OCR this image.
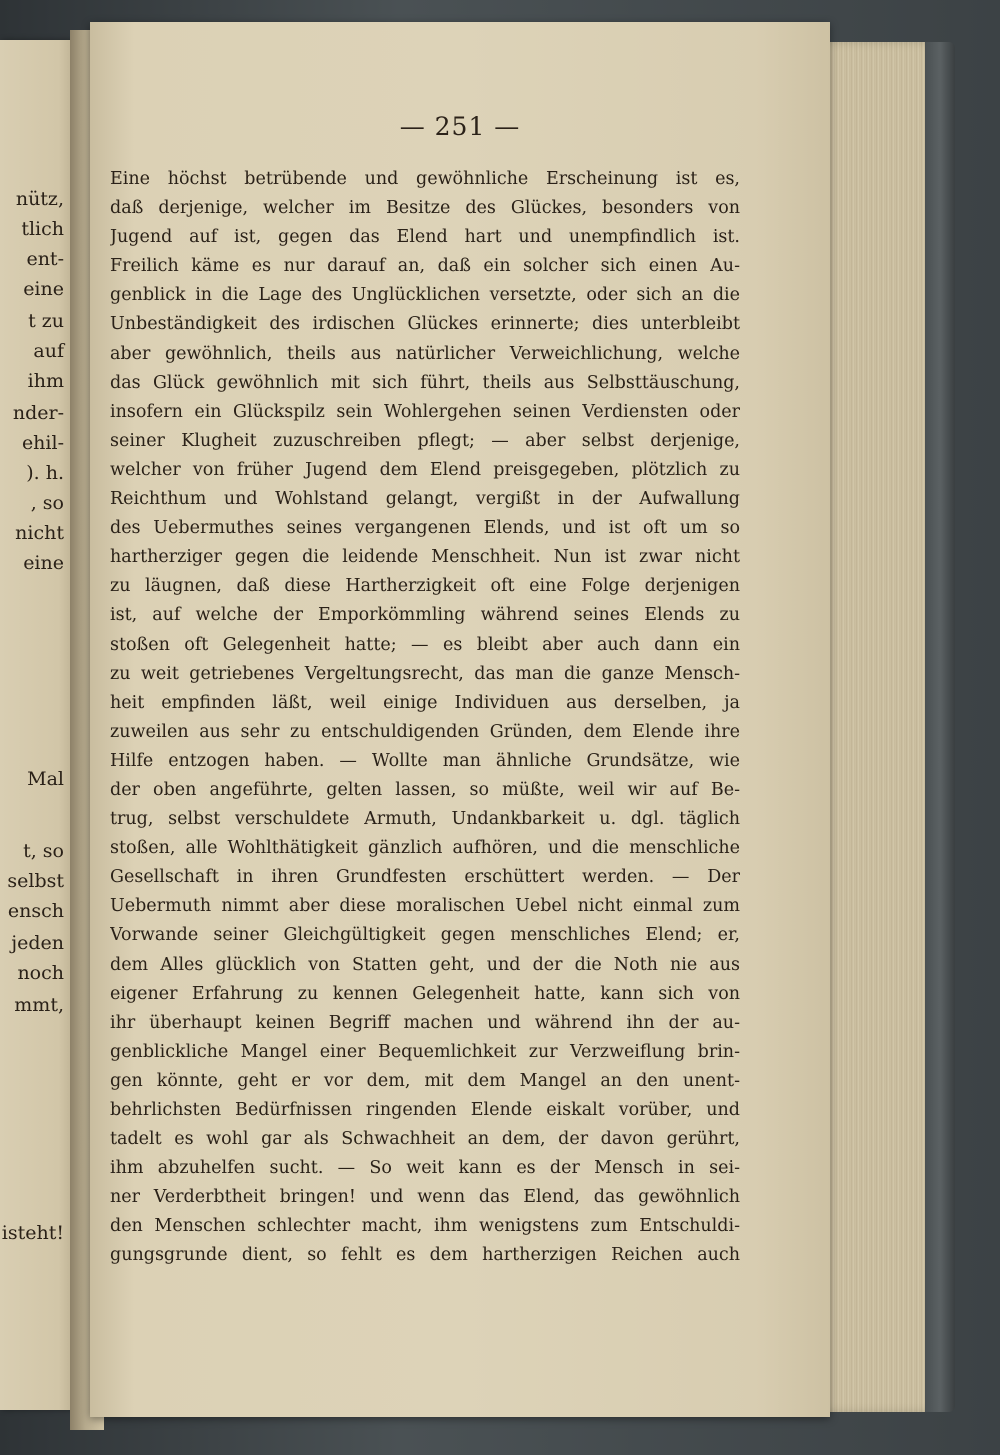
nütz,
tlich
ent-
eine
t zu
auf
ihm
nder-
ehil-
). h.
, so
nicht
eine
Mal
t, so
selbst
ensch
jeden
noch
mmt,
isteht!
— 251 —
Eine höchst betrübende und gewöhnliche Erscheinung ist es,
daß derjenige, welcher im Besitze des Glückes, besonders von
Jugend auf ist, gegen das Elend hart und unempfindlich ist.
Freilich käme es nur darauf an, daß ein solcher sich einen Au-
genblick in die Lage des Unglücklichen versetzte, oder sich an die
Unbeständigkeit des irdischen Glückes erinnerte; dies unterbleibt
aber gewöhnlich, theils aus natürlicher Verweichlichung, welche
das Glück gewöhnlich mit sich führt, theils aus Selbsttäuschung,
insofern ein Glückspilz sein Wohlergehen seinen Verdiensten oder
seiner Klugheit zuzuschreiben pflegt; — aber selbst derjenige,
welcher von früher Jugend dem Elend preisgegeben, plötzlich zu
Reichthum und Wohlstand gelangt, vergißt in der Aufwallung
des Uebermuthes seines vergangenen Elends, und ist oft um so
hartherziger gegen die leidende Menschheit. Nun ist zwar nicht
zu läugnen, daß diese Hartherzigkeit oft eine Folge derjenigen
ist, auf welche der Emporkömmling während seines Elends zu
stoßen oft Gelegenheit hatte; — es bleibt aber auch dann ein
zu weit getriebenes Vergeltungsrecht, das man die ganze Mensch-
heit empfinden läßt, weil einige Individuen aus derselben, ja
zuweilen aus sehr zu entschuldigenden Gründen, dem Elende ihre
Hilfe entzogen haben. — Wollte man ähnliche Grundsätze, wie
der oben angeführte, gelten lassen, so müßte, weil wir auf Be-
trug, selbst verschuldete Armuth, Undankbarkeit u. dgl. täglich
stoßen, alle Wohlthätigkeit gänzlich aufhören, und die menschliche
Gesellschaft in ihren Grundfesten erschüttert werden. — Der
Uebermuth nimmt aber diese moralischen Uebel nicht einmal zum
Vorwande seiner Gleichgültigkeit gegen menschliches Elend; er,
dem Alles glücklich von Statten geht, und der die Noth nie aus
eigener Erfahrung zu kennen Gelegenheit hatte, kann sich von
ihr überhaupt keinen Begriff machen und während ihn der au-
genblickliche Mangel einer Bequemlichkeit zur Verzweiflung brin-
gen könnte, geht er vor dem, mit dem Mangel an den unent-
behrlichsten Bedürfnissen ringenden Elende eiskalt vorüber, und
tadelt es wohl gar als Schwachheit an dem, der davon gerührt,
ihm abzuhelfen sucht. — So weit kann es der Mensch in sei-
ner Verderbtheit bringen! und wenn das Elend, das gewöhnlich
den Menschen schlechter macht, ihm wenigstens zum Entschuldi-
gungsgrunde dient, so fehlt es dem hartherzigen Reichen auch
